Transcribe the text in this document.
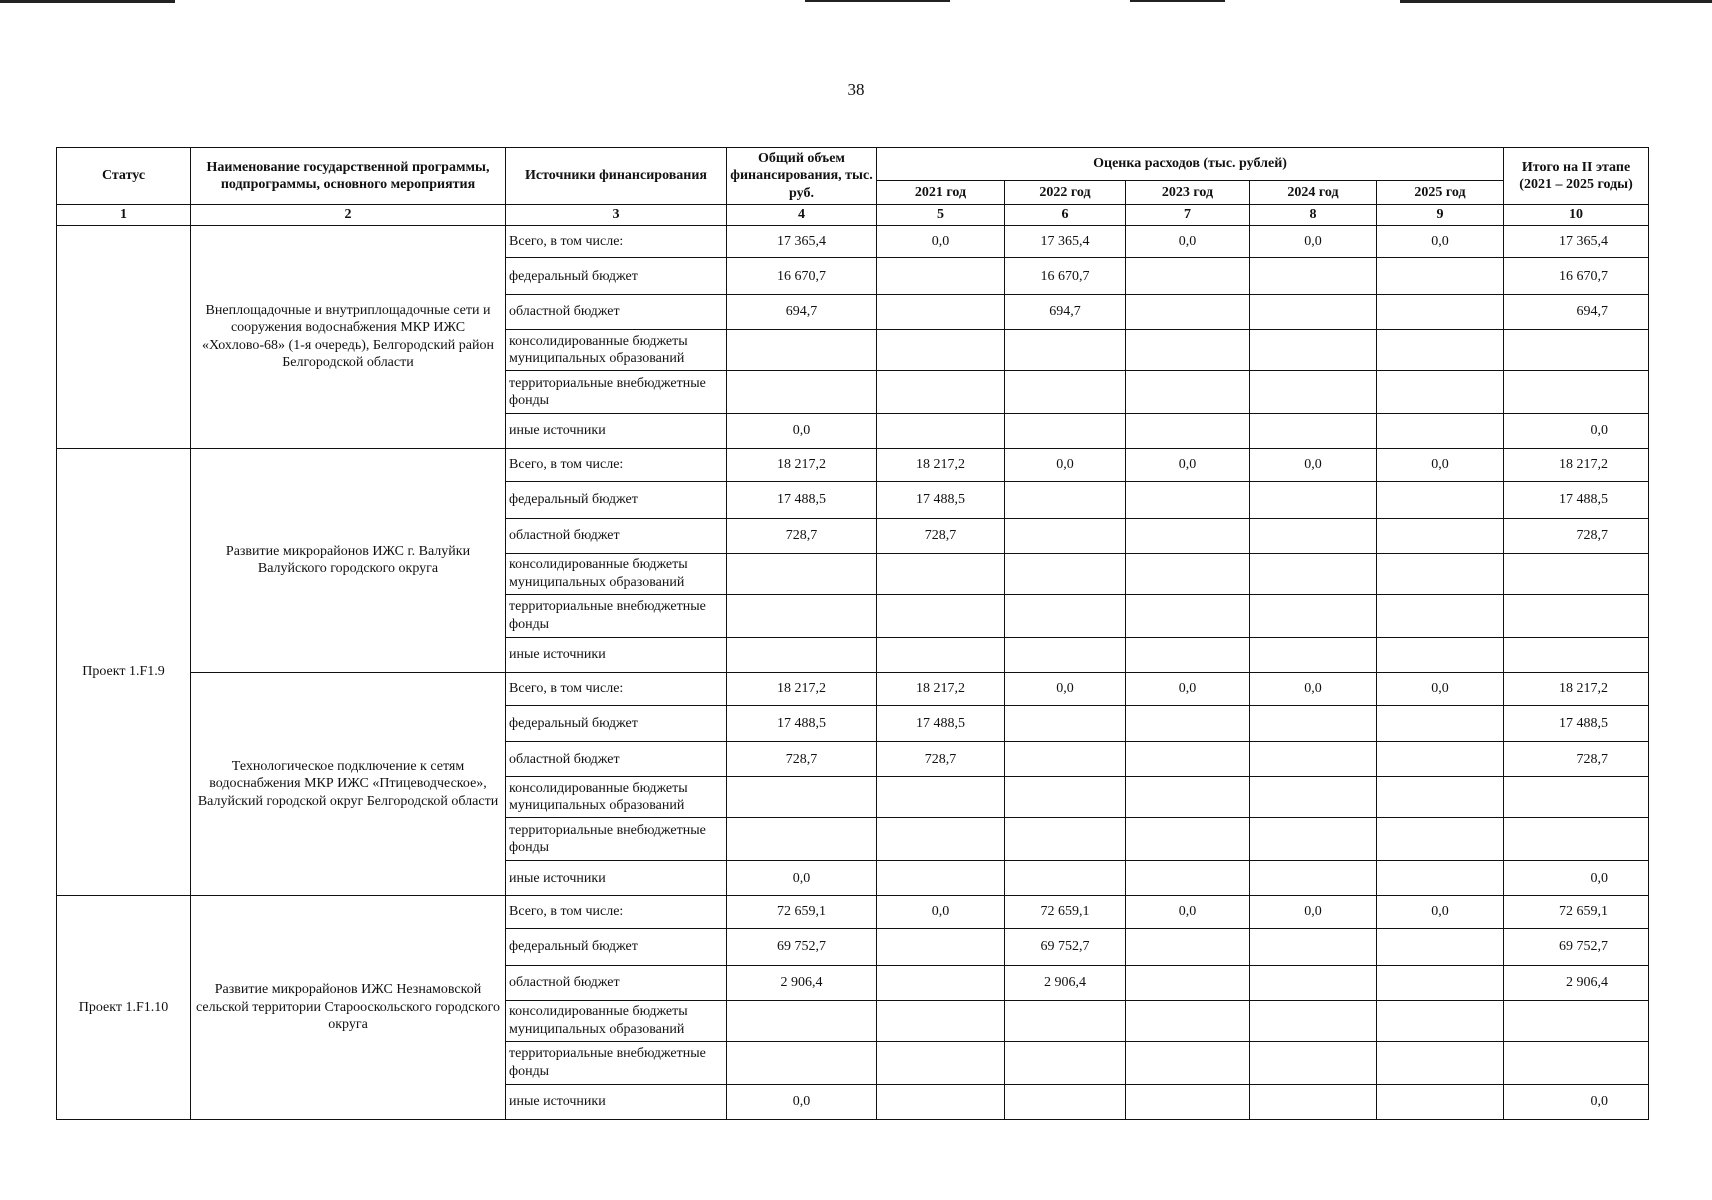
38
Статус	Наименование государственной программы, подпрограммы, основного мероприятия	Источники финансирования	Общий объем финансирования, тыс. руб.	Оценка расходов (тыс. рублей)					Итого на II этапе (2021 – 2025 годы)
				2021 год	2022 год	2023 год	2024 год	2025 год	
1	2	3	4	5	6	7	8	9	10
	Внеплощадочные и внутриплощадочные сети и сооружения водоснабжения МКР ИЖС «Хохлово-68» (1-я очередь), Белгородский район Белгородской области	Всего, в том числе:	17 365,4	0,0	17 365,4	0,0	0,0	0,0	17 365,4
		федеральный бюджет	16 670,7		16 670,7				16 670,7
		областной бюджет	694,7		694,7				694,7
		консолидированные бюджеты муниципальных образований							
		территориальные внебюджетные фонды							
		иные источники	0,0						0,0
Проект 1.F1.9	Развитие микрорайонов ИЖС г. Валуйки Валуйского городского округа	Всего, в том числе:	18 217,2	18 217,2	0,0	0,0	0,0	0,0	18 217,2
		федеральный бюджет	17 488,5	17 488,5					17 488,5
		областной бюджет	728,7	728,7					728,7
		консолидированные бюджеты муниципальных образований							
		территориальные внебюджетные фонды							
		иные источники							
	Технологическое подключение к сетям водоснабжения МКР ИЖС «Птицеводческое», Валуйский городской округ Белгородской области	Всего, в том числе:	18 217,2	18 217,2	0,0	0,0	0,0	0,0	18 217,2
		федеральный бюджет	17 488,5	17 488,5					17 488,5
		областной бюджет	728,7	728,7					728,7
		консолидированные бюджеты муниципальных образований							
		территориальные внебюджетные фонды							
		иные источники	0,0						0,0
Проект 1.F1.10	Развитие микрорайонов ИЖС Незнамовской сельской территории Старооскольского городского округа	Всего, в том числе:	72 659,1	0,0	72 659,1	0,0	0,0	0,0	72 659,1
		федеральный бюджет	69 752,7		69 752,7				69 752,7
		областной бюджет	2 906,4		2 906,4				2 906,4
		консолидированные бюджеты муниципальных образований							
		территориальные внебюджетные фонды							
		иные источники	0,0						0,0
